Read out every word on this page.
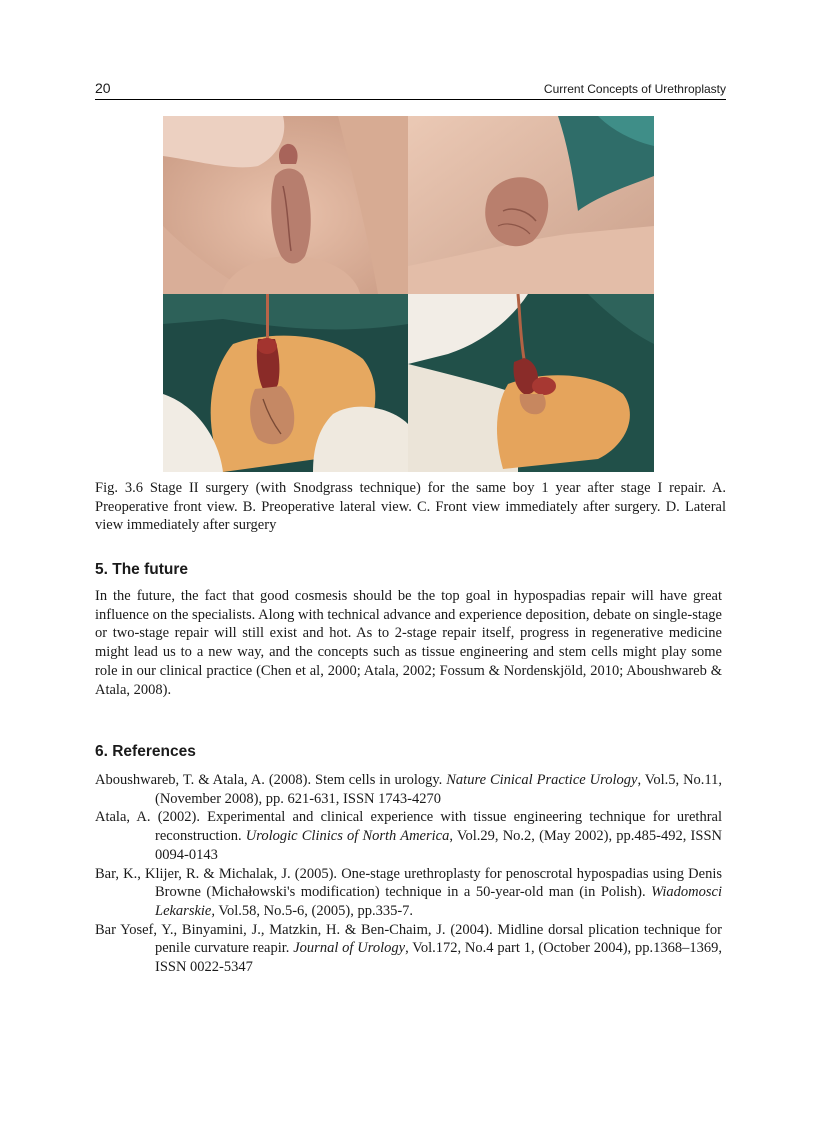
20	Current Concepts of Urethroplasty
Fig. 3.6 Stage II surgery (with Snodgrass technique) for the same boy 1 year after stage I repair. A. Preoperative front view. B. Preoperative lateral view. C. Front view immediately after surgery. D. Lateral view immediately after surgery
5. The future
In the future, the fact that good cosmesis should be the top goal in hypospadias repair will have great influence on the specialists. Along with technical advance and experience deposition, debate on single-stage or two-stage repair will still exist and hot. As to 2-stage repair itself, progress in regenerative medicine might lead us to a new way, and the concepts such as tissue engineering and stem cells might play some role in our clinical practice (Chen et al, 2000; Atala, 2002; Fossum & Nordenskjöld, 2010; Aboushwareb & Atala, 2008).
6. References
Aboushwareb, T. & Atala, A. (2008). Stem cells in urology. Nature Cinical Practice Urology, Vol.5, No.11, (November 2008), pp. 621-631, ISSN 1743-4270
Atala, A. (2002). Experimental and clinical experience with tissue engineering technique for urethral reconstruction. Urologic Clinics of North America, Vol.29, No.2, (May 2002), pp.485-492, ISSN 0094-0143
Bar, K., Klijer, R. & Michalak, J. (2005). One-stage urethroplasty for penoscrotal hypospadias using Denis Browne (Michałowski's modification) technique in a 50-year-old man (in Polish). Wiadomosci Lekarskie, Vol.58, No.5-6, (2005), pp.335-7.
Bar Yosef, Y., Binyamini, J., Matzkin, H. & Ben-Chaim, J. (2004). Midline dorsal plication technique for penile curvature reapir. Journal of Urology, Vol.172, No.4 part 1, (October 2004), pp.1368–1369, ISSN 0022-5347
